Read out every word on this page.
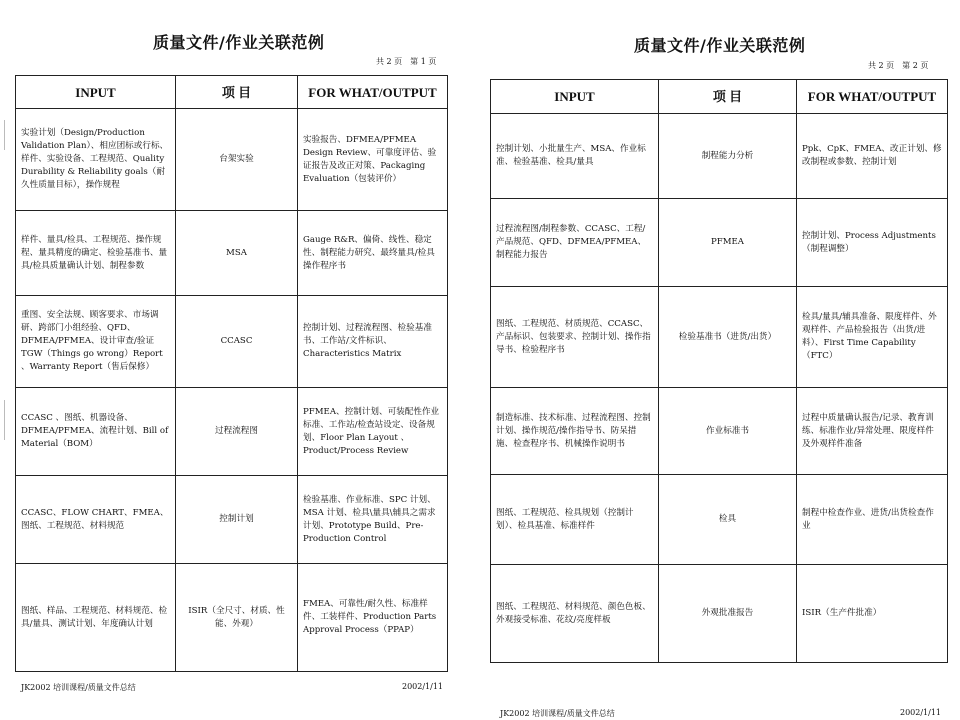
质量文件/作业关联范例
共 2 页　第 1 页
INPUT	项 目	FOR WHAT/OUTPUT
实验计划（Design/Production Validation Plan）、相应团标或行标、样件、实验设备、工程规范、Quality Durability & Reliability goals（耐久性质量目标），操作规程	台架实验	实验报告、DFMEA/PFMEA Design Review、可靠度评估、验证报告及改正对策、Packaging Evaluation（包装评价）
样件、量具/检具、工程规范、操作规程、量具精度的确定、检验基准书、量具/检具质量确认计划、制程参数	MSA	Gauge R&R、偏倚、线性、稳定性、制程能力研究、最终量具/检具操作程序书
重图、安全法规、顾客要求、市场调研、跨部门小组经验、QFD、DFMEA/PFMEA、设计审查/验证 TGW（Things go wrong）Report 、Warranty Report（售后保修）	CCASC	控制计划、过程流程图、检验基准书、工作站/文件标识、Characteristics Matrix
CCASC 、图纸、机器设备、DFMEA/PFMEA、流程计划、Bill of Material（BOM）	过程流程图	PFMEA、控制计划、可装配性作业标准、工作站/检查站设定、设备规划、Floor Plan Layout 、Product/Process Review
CCASC、FLOW CHART、FMEA、图纸、工程规范、材料规范	控制计划	检验基准、作业标准、SPC 计划、MSA 计划、检具\量具\辅具之需求计划、Prototype Build、Pre-Production Control
图纸、样品、工程规范、材料规范、检具/量具、测试计划、年度确认计划	ISIR（全尺寸、材质、性能、外观）	FMEA、可靠性/耐久性、标准样件、工装样件、Production Parts Approval Process（PPAP）
JK2002 培训课程/质量文件总结	2002/1/11
质量文件/作业关联范例
共 2 页　第 2 页
INPUT	项 目	FOR WHAT/OUTPUT
控制计划、小批量生产、MSA、作业标准、检验基准、检具/量具	制程能力分析	Ppk、CpK、FMEA、改正计划、修改制程或参数、控制计划
过程流程图/制程参数、CCASC、工程/产品规范、QFD、DFMEA/PFMEA、制程能力报告	PFMEA	控制计划、Process Adjustments（制程调整）
图纸、工程规范、材质规范、CCASC、产品标识、包装要求、控制计划、操作指导书、检验程序书	检验基准书（进货/出货）	检具/量具/辅具准备、限度样件、外观样件、产品检验报告（出货/进料）、First Time Capability（FTC）
制造标准、技术标准、过程流程图、控制计划、操作规范/操作指导书、防呆措施、检查程序书、机械操作说明书	作业标准书	过程中质量确认报告/记录、教育训练、标准作业/异常处理、限度样件及外观样件准备
图纸、工程规范、检具规划（控制计划）、检具基准、标准样件	检具	制程中检查作业、进货/出货检查作业
图纸、工程规范、材料规范、颜色色板、外观接受标准、花纹/亮度样板	外观批准报告	ISIR（生产件批准）
JK2002 培训课程/质量文件总结	2002/1/11
